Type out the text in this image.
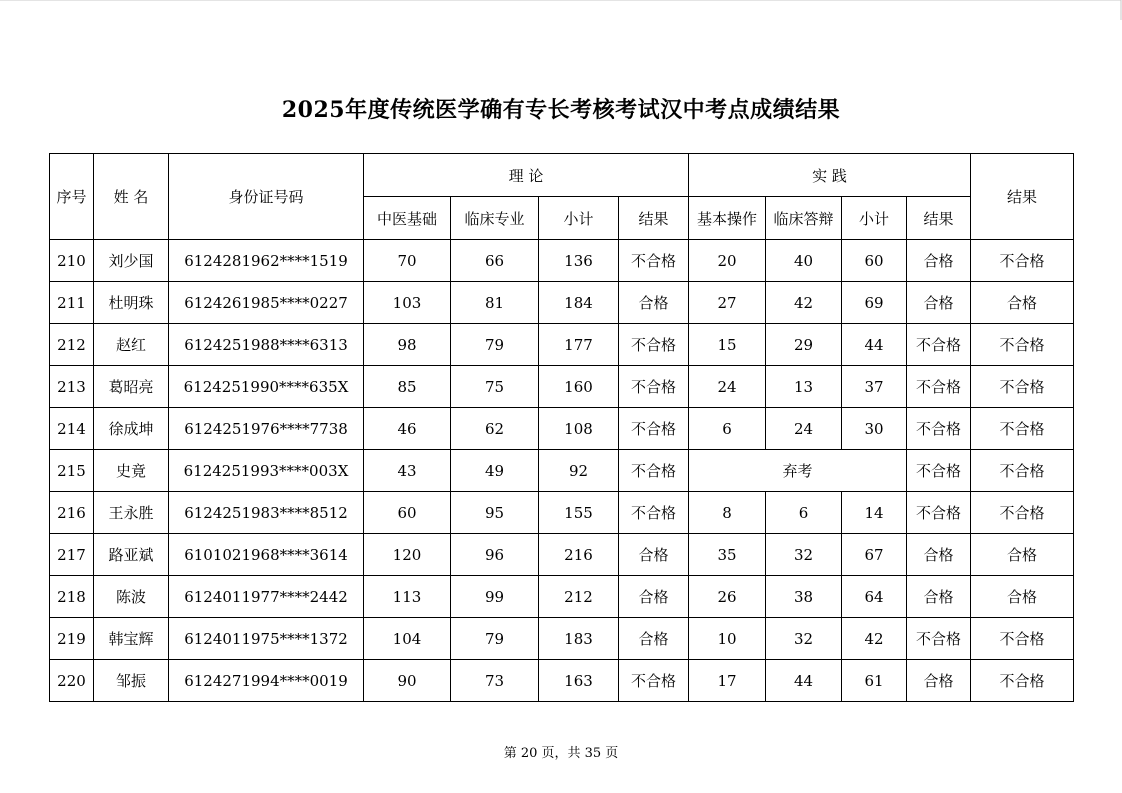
2025年度传统医学确有专长考核考试汉中考点成绩结果
序号	姓 名	身份证号码	理 论				实 践				结果
			中医基础	临床专业	小计	结果	基本操作	临床答辩	小计	结果	
210	刘少国	6124281962****1519	70	66	136	不合格	20	40	60	合格	不合格
211	杜明珠	6124261985****0227	103	81	184	合格	27	42	69	合格	合格
212	赵红	6124251988****6313	98	79	177	不合格	15	29	44	不合格	不合格
213	葛昭亮	6124251990****635X	85	75	160	不合格	24	13	37	不合格	不合格
214	徐成坤	6124251976****7738	46	62	108	不合格	6	24	30	不合格	不合格
215	史竟	6124251993****003X	43	49	92	不合格	弃考			不合格	不合格
216	王永胜	6124251983****8512	60	95	155	不合格	8	6	14	不合格	不合格
217	路亚斌	6101021968****3614	120	96	216	合格	35	32	67	合格	合格
218	陈波	6124011977****2442	113	99	212	合格	26	38	64	合格	合格
219	韩宝辉	6124011975****1372	104	79	183	合格	10	32	42	不合格	不合格
220	邹振	6124271994****0019	90	73	163	不合格	17	44	61	合格	不合格
第 20 页，共 35 页
